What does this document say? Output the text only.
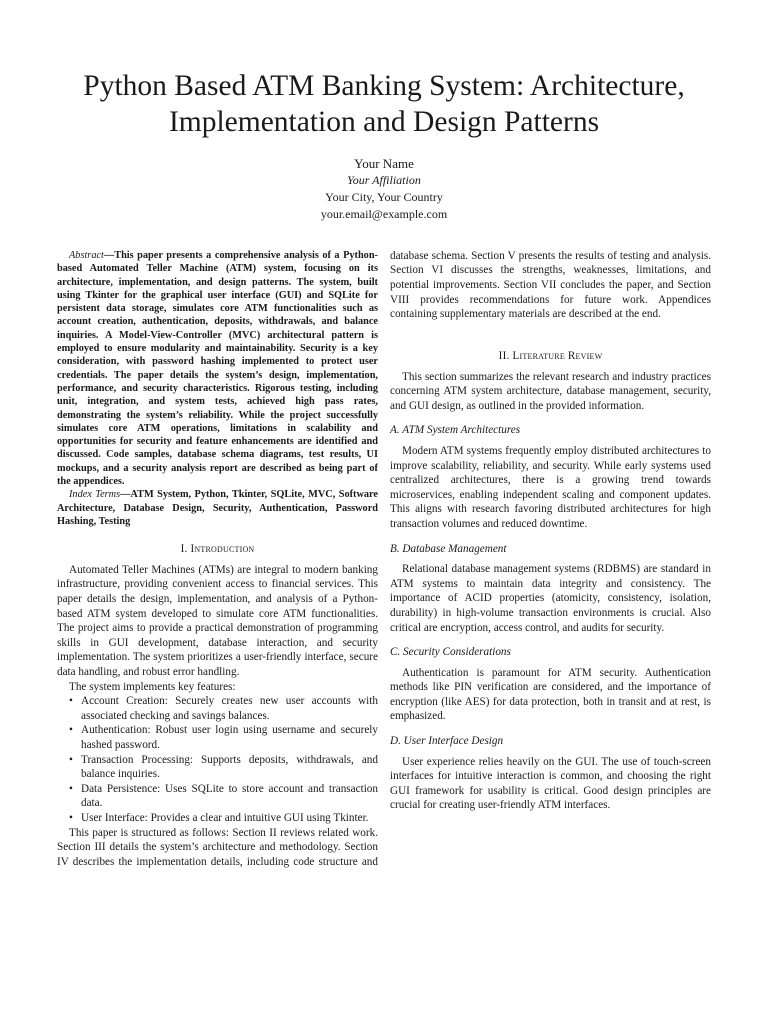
Python Based ATM Banking System: Architecture, Implementation and Design Patterns
Your Name
Your Affiliation
Your City, Your Country
your.email@example.com

Abstract—This paper presents a comprehensive analysis of a Python-based Automated Teller Machine (ATM) system, focusing on its architecture, implementation, and design patterns. The system, built using Tkinter for the graphical user interface (GUI) and SQLite for persistent data storage, simulates core ATM functionalities such as account creation, authentication, deposits, withdrawals, and balance inquiries. A Model-View-Controller (MVC) architectural pattern is employed to ensure modularity and maintainability. Security is a key consideration, with password hashing implemented to protect user credentials. The paper details the system’s design, implementation, performance, and security characteristics. Rigorous testing, including unit, integration, and system tests, achieved high pass rates, demonstrating the system’s reliability. While the project successfully simulates core ATM operations, limitations in scalability and opportunities for security and feature enhancements are identified and discussed. Code samples, database schema diagrams, test results, UI mockups, and a security analysis report are described as being part of the appendices.

Index Terms—ATM System, Python, Tkinter, SQLite, MVC, Software Architecture, Database Design, Security, Authentication, Password Hashing, Testing

I. Introduction

Automated Teller Machines (ATMs) are integral to modern banking infrastructure, providing convenient access to financial services. This paper details the design, implementation, and analysis of a Python-based ATM system developed to simulate core ATM functionalities. The project aims to provide a practical demonstration of programming skills in GUI development, database interaction, and security implementation. The system prioritizes a user-friendly interface, secure data handling, and robust error handling.

The system implements key features:

• Account Creation: Securely creates new user accounts with associated checking and savings balances.
• Authentication: Robust user login using username and securely hashed password.
• Transaction Processing: Supports deposits, withdrawals, and balance inquiries.
• Data Persistence: Uses SQLite to store account and transaction data.
• User Interface: Provides a clear and intuitive GUI using Tkinter.

This paper is structured as follows: Section II reviews related work. Section III details the system’s architecture and methodology. Section IV describes the implementation details, including code structure and

database schema. Section V presents the results of testing and analysis. Section VI discusses the strengths, weaknesses, limitations, and potential improvements. Section VII concludes the paper, and Section VIII provides recommendations for future work. Appendices containing supplementary materials are described at the end.

II. Literature Review

This section summarizes the relevant research and industry practices concerning ATM system architecture, database management, security, and GUI design, as outlined in the provided information.

A. ATM System Architectures

Modern ATM systems frequently employ distributed architectures to improve scalability, reliability, and security. While early systems used centralized architectures, there is a growing trend towards microservices, enabling independent scaling and component updates. This aligns with research favoring distributed architectures for high transaction volumes and reduced downtime.

B. Database Management

Relational database management systems (RDBMS) are standard in ATM systems to maintain data integrity and consistency. The importance of ACID properties (atomicity, consistency, isolation, durability) in high-volume transaction environments is crucial. Also critical are encryption, access control, and audits for security.

C. Security Considerations

Authentication is paramount for ATM security. Authentication methods like PIN verification are considered, and the importance of encryption (like AES) for data protection, both in transit and at rest, is emphasized.

D. User Interface Design

User experience relies heavily on the GUI. The use of touch-screen interfaces for intuitive interaction is common, and choosing the right GUI framework for usability is critical. Good design principles are crucial for creating user-friendly ATM interfaces.
